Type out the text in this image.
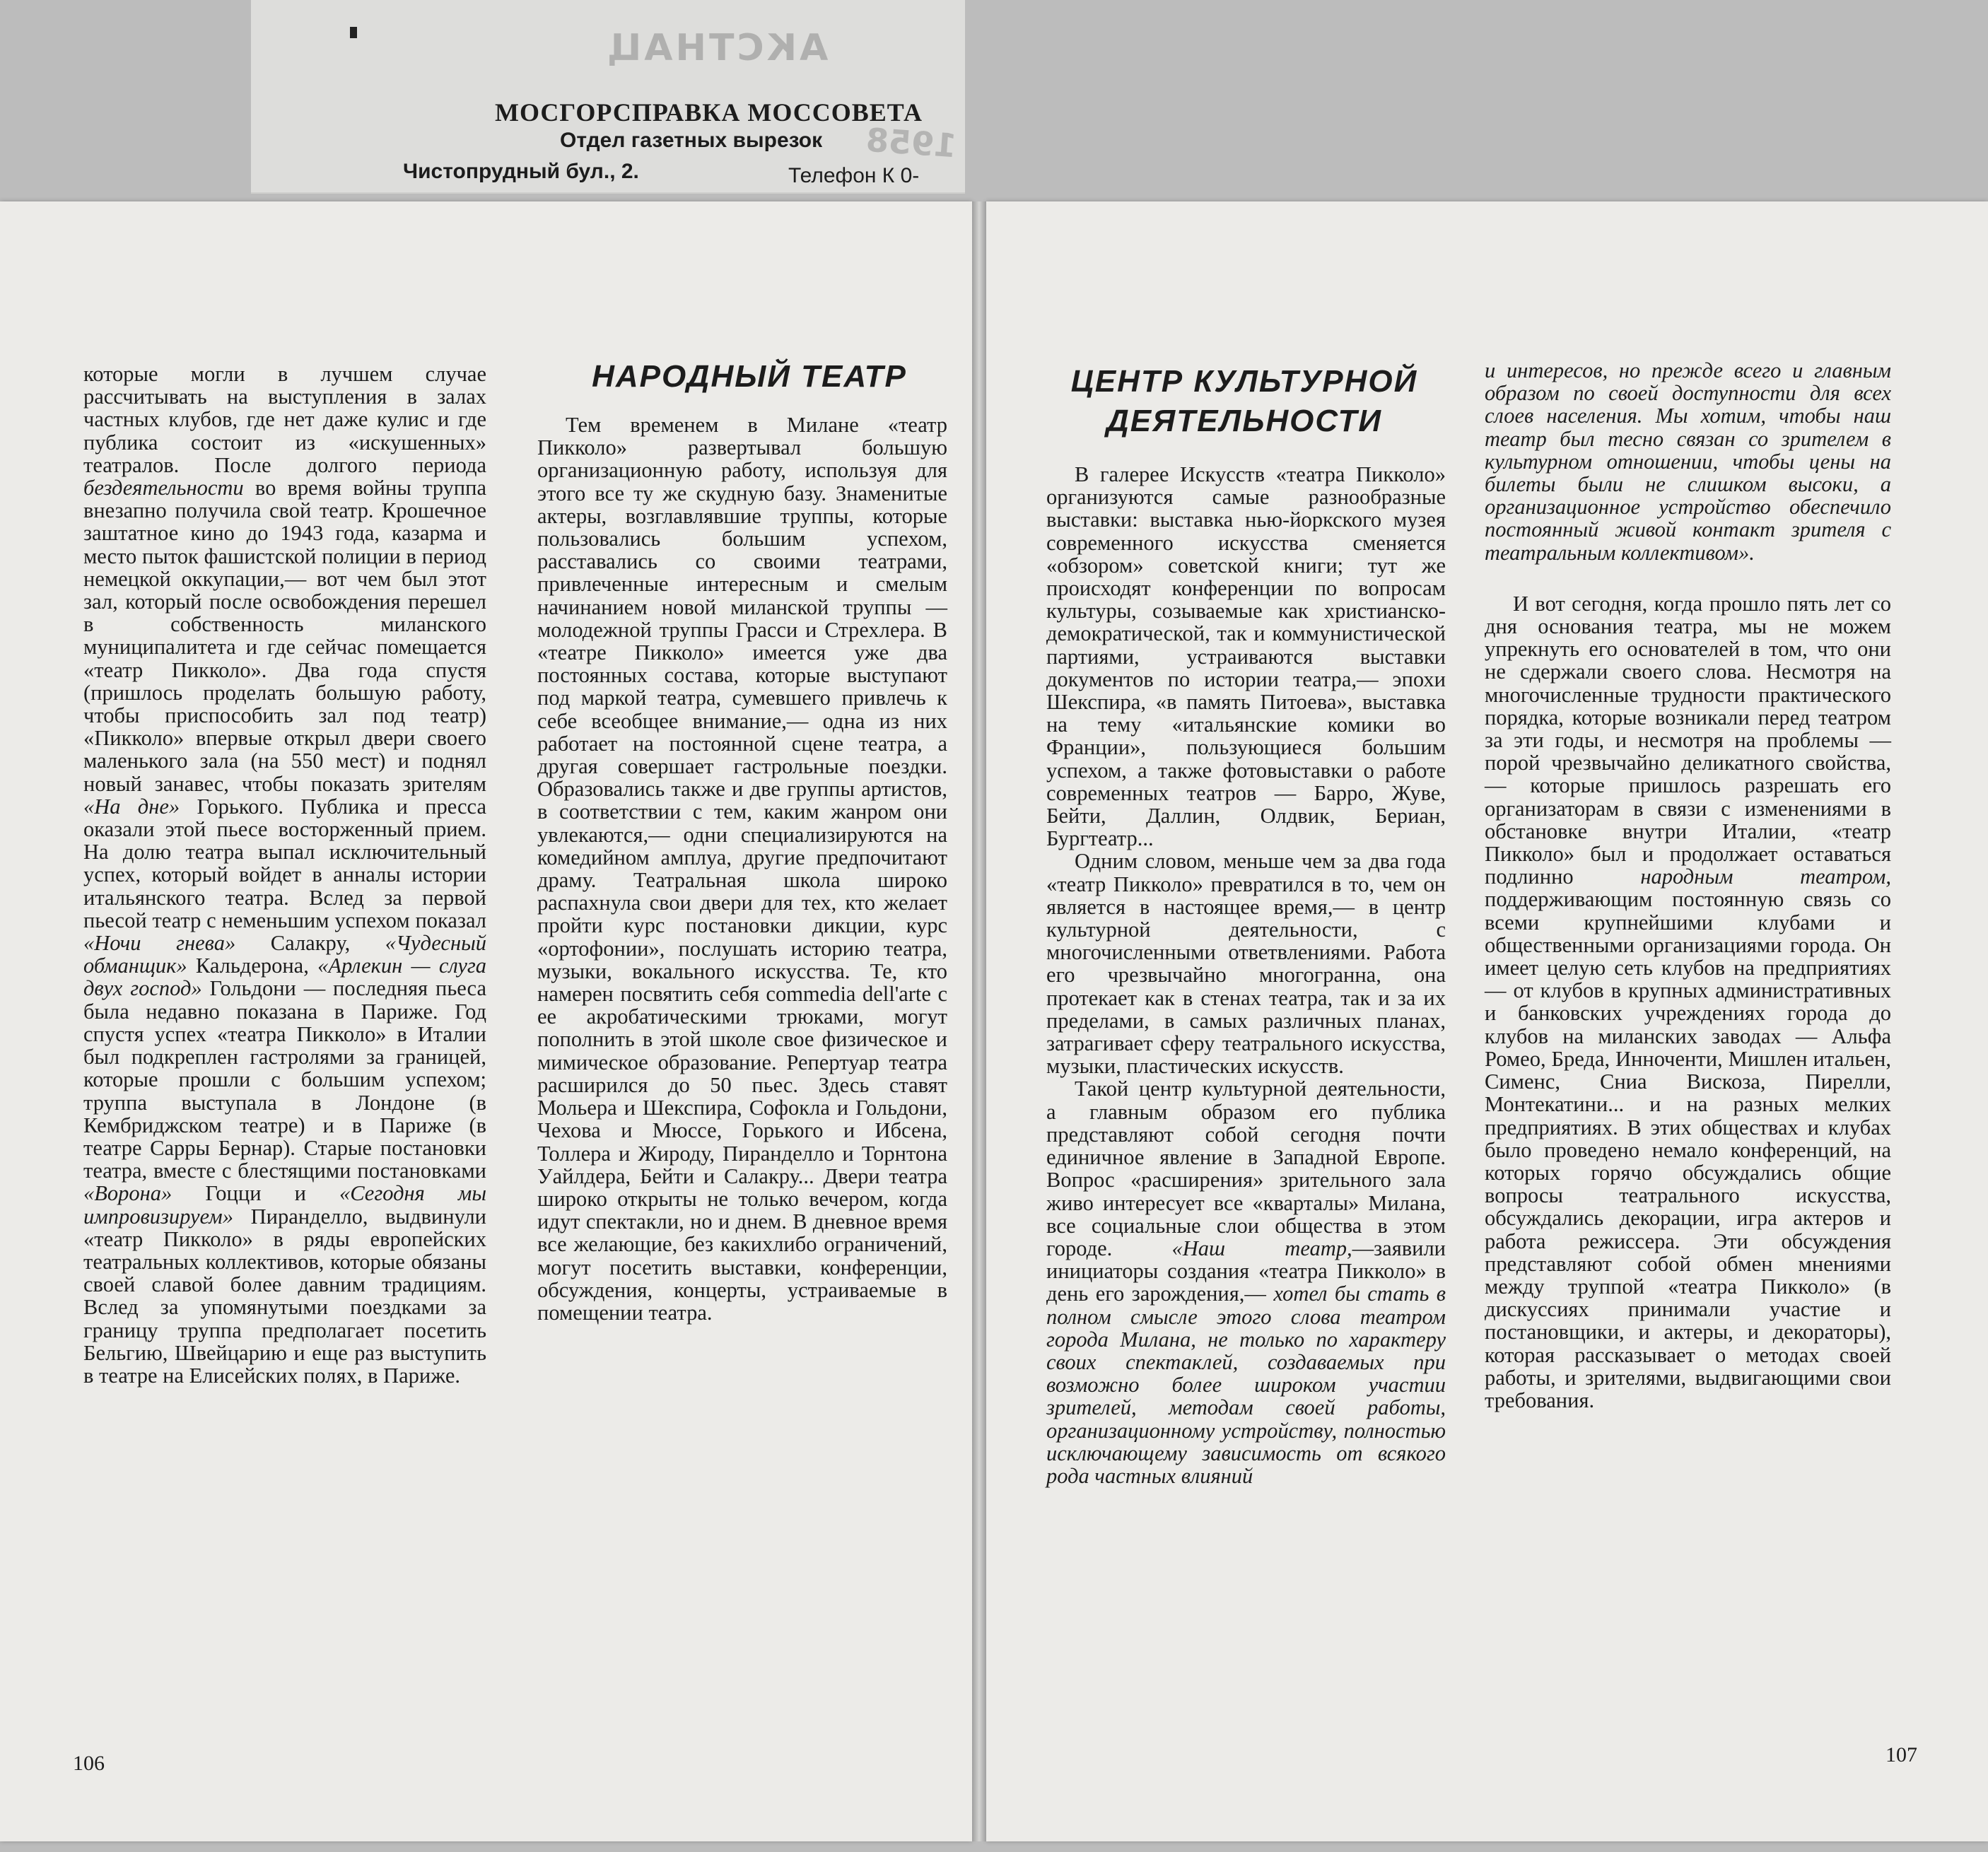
АКСТНАЦ
1958
МОСГОРСПРАВКА МОССОВЕТА
Отдел газетных вырезок
Чистопрудный бул., 2.	Телефон К 0-

которые могли в лучшем случае рассчитывать на выступления в залах частных клубов, где нет даже кулис и где публика состоит из «искушенных» театралов. После долгого периода бездеятельности во время войны труппа внезапно получила свой театр. Крошечное заштатное кино до 1943 года, казарма и место пыток фашистской полиции в период немецкой оккупации,— вот чем был этот зал, который после освобождения перешел в собственность миланского муниципалитета и где сейчас помещается «театр Пикколо». Два года спустя (пришлось проделать большую работу, чтобы приспособить зал под театр) «Пикколо» впервые открыл двери своего маленького зала (на 550 мест) и поднял новый занавес, чтобы показать зрителям «На дне» Горького. Публика и пресса оказали этой пьесе восторженный прием. На долю театра выпал исключительный успех, который войдет в анналы истории итальянского театра. Вслед за первой пьесой театр с неменьшим успехом показал «Ночи гнева» Салакру, «Чудесный обманщик» Кальдерона, «Арлекин — слуга двух господ» Гольдони — последняя пьеса была недавно показана в Париже. Год спустя успех «театра Пикколо» в Италии был подкреплен гастролями за границей, которые прошли с большим успехом; труппа выступала в Лондоне (в Кембриджском театре) и в Париже (в театре Сарры Бернар). Старые постановки театра, вместе с блестящими постановками «Ворона» Гоцци и «Сегодня мы импровизируем» Пиранделло, выдвинули «театр Пикколо» в ряды европейских театральных коллективов, которые обязаны своей славой более давним традициям. Вслед за упомянутыми поездками за границу труппа предполагает посетить Бельгию, Швейцарию и еще раз выступить в театре на Елисейских полях, в Париже.

НАРОДНЫЙ ТЕАТР

Тем временем в Милане «театр Пикколо» развертывал большую организационную работу, используя для этого все ту же скудную базу. Знаменитые актеры, возглавлявшие труппы, которые пользовались большим успехом, расставались со своими театрами, привлеченные интересным и смелым начинанием новой миланской труппы — молодежной труппы Грасси и Стрехлера. В «театре Пикколо» имеется уже два постоянных состава, которые выступают под маркой театра, сумевшего привлечь к себе всеобщее внимание,— одна из них работает на постоянной сцене театра, а другая совершает гастрольные поездки. Образовались также и две группы артистов, в соответствии с тем, каким жанром они увлекаются,— одни специализируются на комедийном амплуа, другие предпочитают драму. Театральная школа широко распахнула свои двери для тех, кто желает пройти курс постановки дикции, курс «ортофонии», послушать историю театра, музыки, вокального искусства. Те, кто намерен посвятить себя commedia dell'arte с ее акробатическими трюками, могут пополнить в этой школе свое физическое и мимическое образование. Репертуар театра расширился до 50 пьес. Здесь ставят Мольера и Шекспира, Софокла и Гольдони, Чехова и Мюссе, Горького и Ибсена, Толлера и Жироду, Пиранделло и Торнтона Уайлдера, Бейти и Салакру... Двери театра широко открыты не только вечером, когда идут спектакли, но и днем. В дневное время все желающие, без какихлибо ограничений, могут посетить выставки, конференции, обсуждения, концерты, устраиваемые в помещении театра.

106
ЦЕНТР КУЛЬТУРНОЙ
ДЕЯТЕЛЬНОСТИ

В галерее Искусств «театра Пикколо» организуются самые разнообразные выставки: выставка нью-йоркского музея современного искусства сменяется «обзором» советской книги; тут же происходят конференции по вопросам культуры, созываемые как христианско-демократической, так и коммунистической партиями, устраиваются выставки документов по истории театра,— эпохи Шекспира, «в память Питоева», выставка на тему «итальянские комики во Франции», пользующиеся большим успехом, а также фотовыставки о работе современных театров — Барро, Жуве, Бейти, Даллин, Олдвик, Бериан, Бургтеатр...

Одним словом, меньше чем за два года «театр Пикколо» превратился в то, чем он является в настоящее время,— в центр культурной деятельности, с многочисленными ответвлениями. Работа его чрезвычайно многогранна, она протекает как в стенах театра, так и за их пределами, в самых различных планах, затрагивает сферу театрального искусства, музыки, пластических искусств.

Такой центр культурной деятельности, а главным образом его публика представляют собой сегодня почти единичное явление в Западной Европе. Вопрос «расширения» зрительного зала живо интересует все «кварталы» Милана, все социальные слои общества в этом городе.	«Наш театр,—заявили инициаторы создания «театра Пикколо» в день его зарождения,— хотел бы стать в полном смысле этого слова театром города Милана, не только по характеру своих спектаклей, создаваемых при возможно более широком участии зрителей, методам своей работы, организационному устройству, полностью исключающему зависимость от всякого рода частных влияний

и интересов, но прежде всего и главным образом по своей доступности для всех слоев населения. Мы хотим, чтобы наш театр был тесно связан со зрителем в культурном отношении, чтобы цены на билеты были не слишком высоки, а организационное устройство обеспечило постоянный живой контакт зрителя с театральным коллективом».

И вот сегодня, когда прошло пять лет со дня основания театра, мы не можем упрекнуть его основателей в том, что они не сдержали своего слова. Несмотря на многочисленные трудности практического порядка, которые возникали перед театром за эти годы, и несмотря на проблемы — порой чрезвычайно деликатного свойства,— которые пришлось разрешать его организаторам в связи с изменениями в обстановке внутри Италии, «театр Пикколо» был и продолжает оставаться подлинно	народным театром, поддерживающим постоянную связь со всеми крупнейшими клубами и общественными организациями города. Он имеет целую сеть клубов на предприятиях — от клубов в крупных административных и банковских учреждениях города до клубов на миланских заводах — Альфа Ромео, Бреда, Инноченти, Мишлен итальен, Сименс, Сниа Вискоза, Пирелли, Монтекатини... и на разных мелких предприятиях. В этих обществах и клубах было проведено немало конференций, на которых горячо обсуждались общие вопросы театрального искусства, обсуждались декорации, игра актеров и работа режиссера. Эти обсуждения представляют собой обмен мнениями между труппой «театра Пикколо» (в дискуссиях принимали участие и постановщики, и актеры, и декораторы), которая рассказывает о методах своей работы, и зрителями, выдвигающими свои требования.

107
